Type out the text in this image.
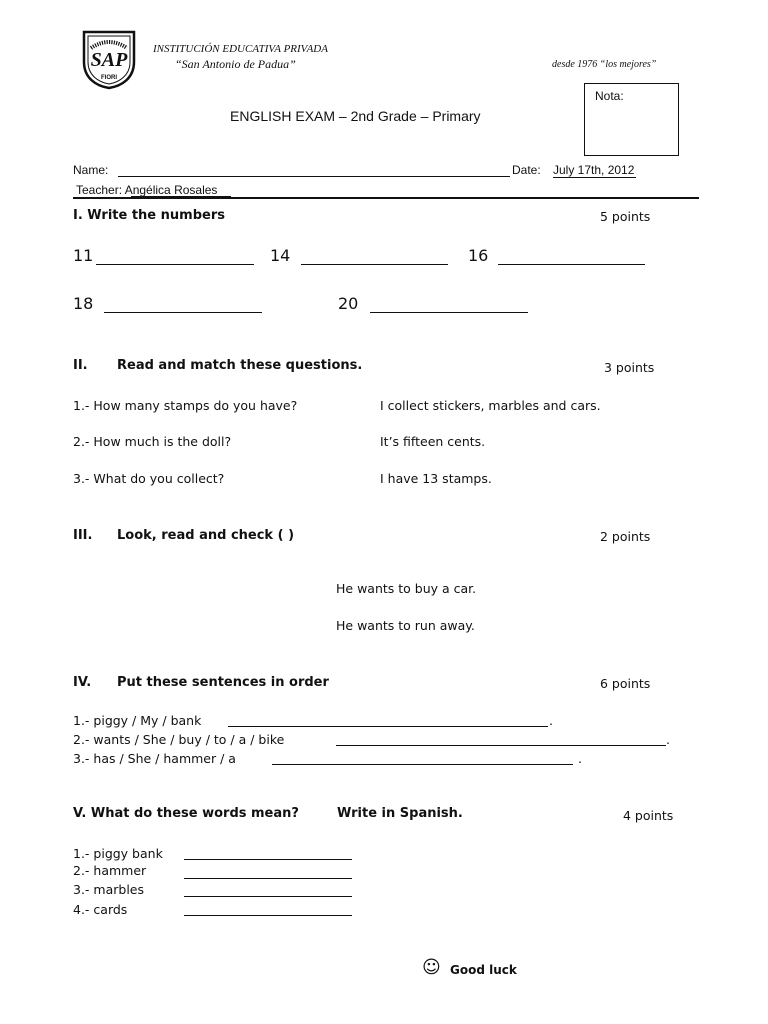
SAP
FIORI
INSTITUCIÓN EDUCATIVA PRIVADA
“San Antonio de Padua”	desde 1976 “los mejores”
Nota:
ENGLISH EXAM – 2nd Grade – Primary
Name:	Date: July 17th, 2012
Teacher: Angélica Rosales
I. Write the numbers	5 points
11	14	16
18	20
II. Read and match these questions.	3 points
1.- How many stamps do you have?	I collect stickers, marbles and cars.
2.- How much is the doll?	It’s fifteen cents.
3.- What do you collect?	I have 13 stamps.
III. Look, read and check ( )	2 points
He wants to buy a car.
He wants to run away.
IV. Put these sentences in order	6 points
1.- piggy / My / bank	.
2.- wants / She / buy / to / a / bike	.
3.- has / She / hammer / a	.
V. What do these words mean?	Write in Spanish.	4 points
1.- piggy bank
2.- hammer
3.- marbles
4.- cards
☺ Good luck
